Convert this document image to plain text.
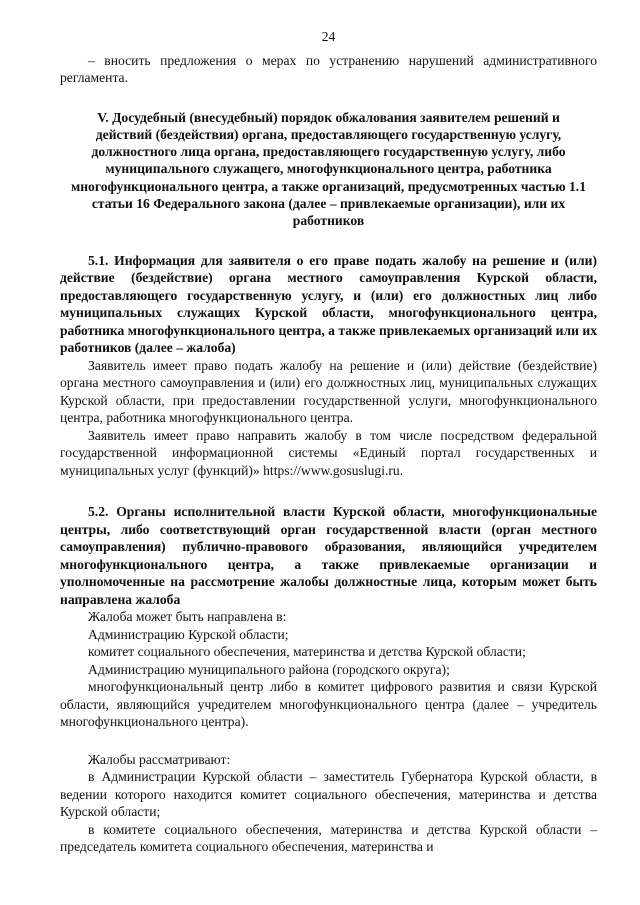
24

– вносить предложения о мерах по устранению нарушений административного регламента.

V. Досудебный (внесудебный) порядок обжалования заявителем решений и действий (бездействия) органа, предоставляющего государственную услугу, должностного лица органа, предоставляющего государственную услугу, либо муниципального служащего, многофункционального центра, работника многофункционального центра, а также организаций, предусмотренных частью 1.1 статьи 16 Федерального закона (далее – привлекаемые организации), или их работников

5.1. Информация для заявителя о его праве подать жалобу на решение и (или) действие (бездействие) органа местного самоуправления Курской области, предоставляющего государственную услугу, и (или) его должностных лиц либо муниципальных служащих Курской области, многофункционального центра, работника многофункционального центра, а также привлекаемых организаций или их работников (далее – жалоба)

Заявитель имеет право подать жалобу на решение и (или) действие (бездействие) органа местного самоуправления и (или) его должностных лиц, муниципальных служащих Курской области, при предоставлении государственной услуги, многофункционального центра, работника многофункционального центра.

Заявитель имеет право направить жалобу в том числе посредством федеральной государственной информационной системы «Единый портал государственных и муниципальных услуг (функций)» https://www.gosuslugi.ru.

5.2. Органы исполнительной власти Курской области, многофункциональные центры, либо соответствующий орган государственной власти (орган местного самоуправления) публично-правового образования, являющийся учредителем многофункционального центра, а также привлекаемые организации и уполномоченные на рассмотрение жалобы должностные лица, которым может быть направлена жалоба

Жалоба может быть направлена в:

Администрацию Курской области;

комитет социального обеспечения, материнства и детства Курской области;

Администрацию муниципального района (городского округа);

многофункциональный центр либо в комитет цифрового развития и связи Курской области, являющийся учредителем многофункционального центра (далее – учредитель многофункционального центра).

Жалобы рассматривают:

в Администрации Курской области – заместитель Губернатора Курской области, в ведении которого находится комитет социального обеспечения, материнства и детства Курской области;

в комитете социального обеспечения, материнства и детства Курской области – председатель комитета социального обеспечения, материнства и
